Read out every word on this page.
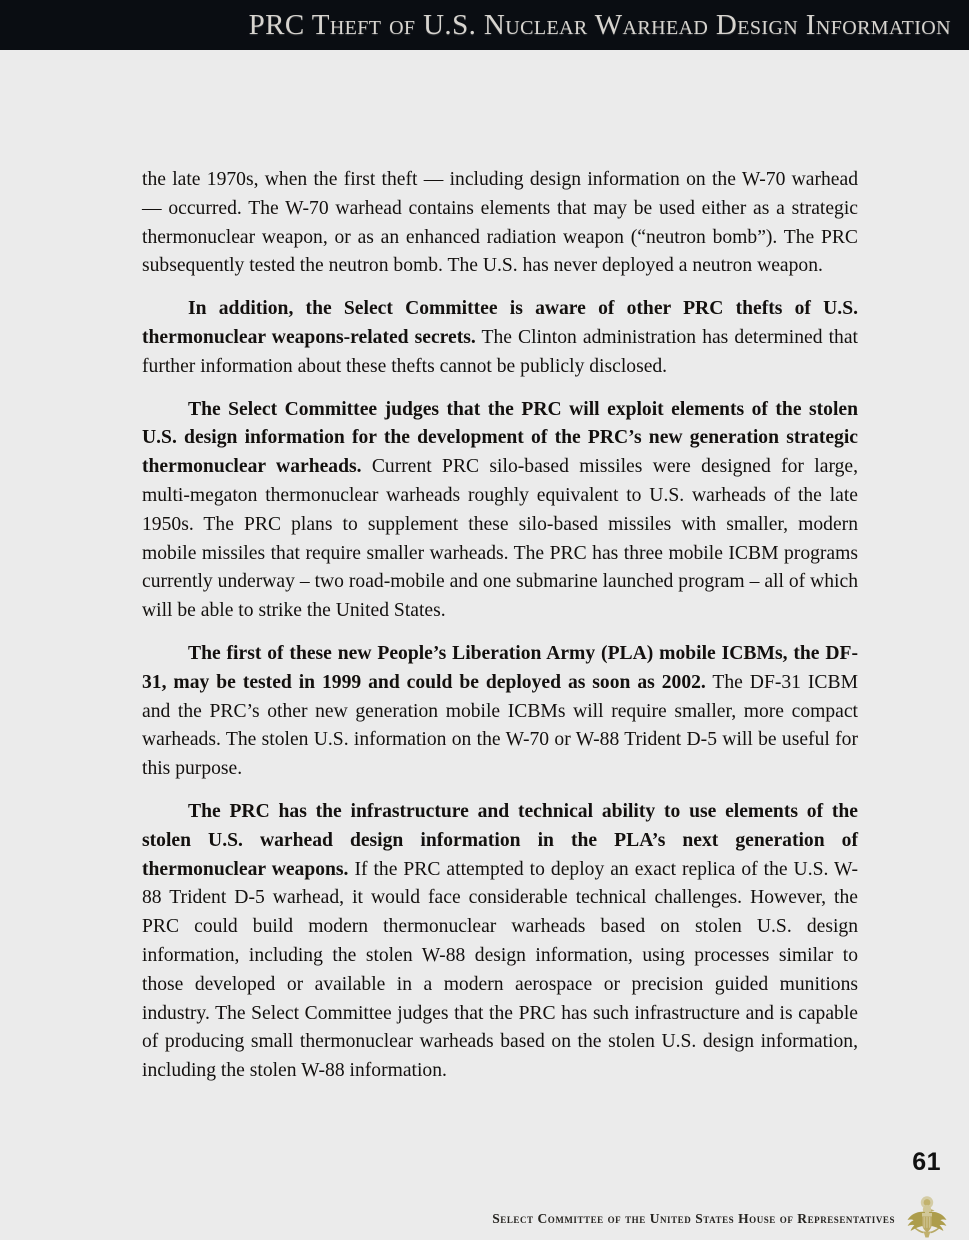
PRC Theft of U.S. Nuclear Warhead Design Information

the late 1970s, when the first theft — including design information on the W-70 warhead — occurred. The W-70 warhead contains elements that may be used either as a strategic thermonuclear weapon, or as an enhanced radiation weapon (“neutron bomb”). The PRC subsequently tested the neutron bomb. The U.S. has never deployed a neutron weapon.

In addition, the Select Committee is aware of other PRC thefts of U.S. thermonuclear weapons-related secrets. The Clinton administration has determined that further information about these thefts cannot be publicly disclosed.

The Select Committee judges that the PRC will exploit elements of the stolen U.S. design information for the development of the PRC’s new generation strategic thermonuclear warheads. Current PRC silo-based missiles were designed for large, multi-megaton thermonuclear warheads roughly equivalent to U.S. warheads of the late 1950s. The PRC plans to supplement these silo-based missiles with smaller, modern mobile missiles that require smaller warheads. The PRC has three mobile ICBM programs currently underway – two road-mobile and one submarine launched program – all of which will be able to strike the United States.

The first of these new People’s Liberation Army (PLA) mobile ICBMs, the DF-31, may be tested in 1999 and could be deployed as soon as 2002. The DF-31 ICBM and the PRC’s other new generation mobile ICBMs will require smaller, more compact warheads. The stolen U.S. information on the W-70 or W-88 Trident D-5 will be useful for this purpose.

The PRC has the infrastructure and technical ability to use elements of the stolen U.S. warhead design information in the PLA’s next generation of thermonuclear weapons. If the PRC attempted to deploy an exact replica of the U.S. W-88 Trident D-5 warhead, it would face considerable technical challenges. However, the PRC could build modern thermonuclear warheads based on stolen U.S. design information, including the stolen W-88 design information, using processes similar to those developed or available in a modern aerospace or precision guided munitions industry. The Select Committee judges that the PRC has such infrastructure and is capable of producing small thermonuclear warheads based on the stolen U.S. design information, including the stolen W-88 information.

61
Select Committee of the United States House of Representatives
